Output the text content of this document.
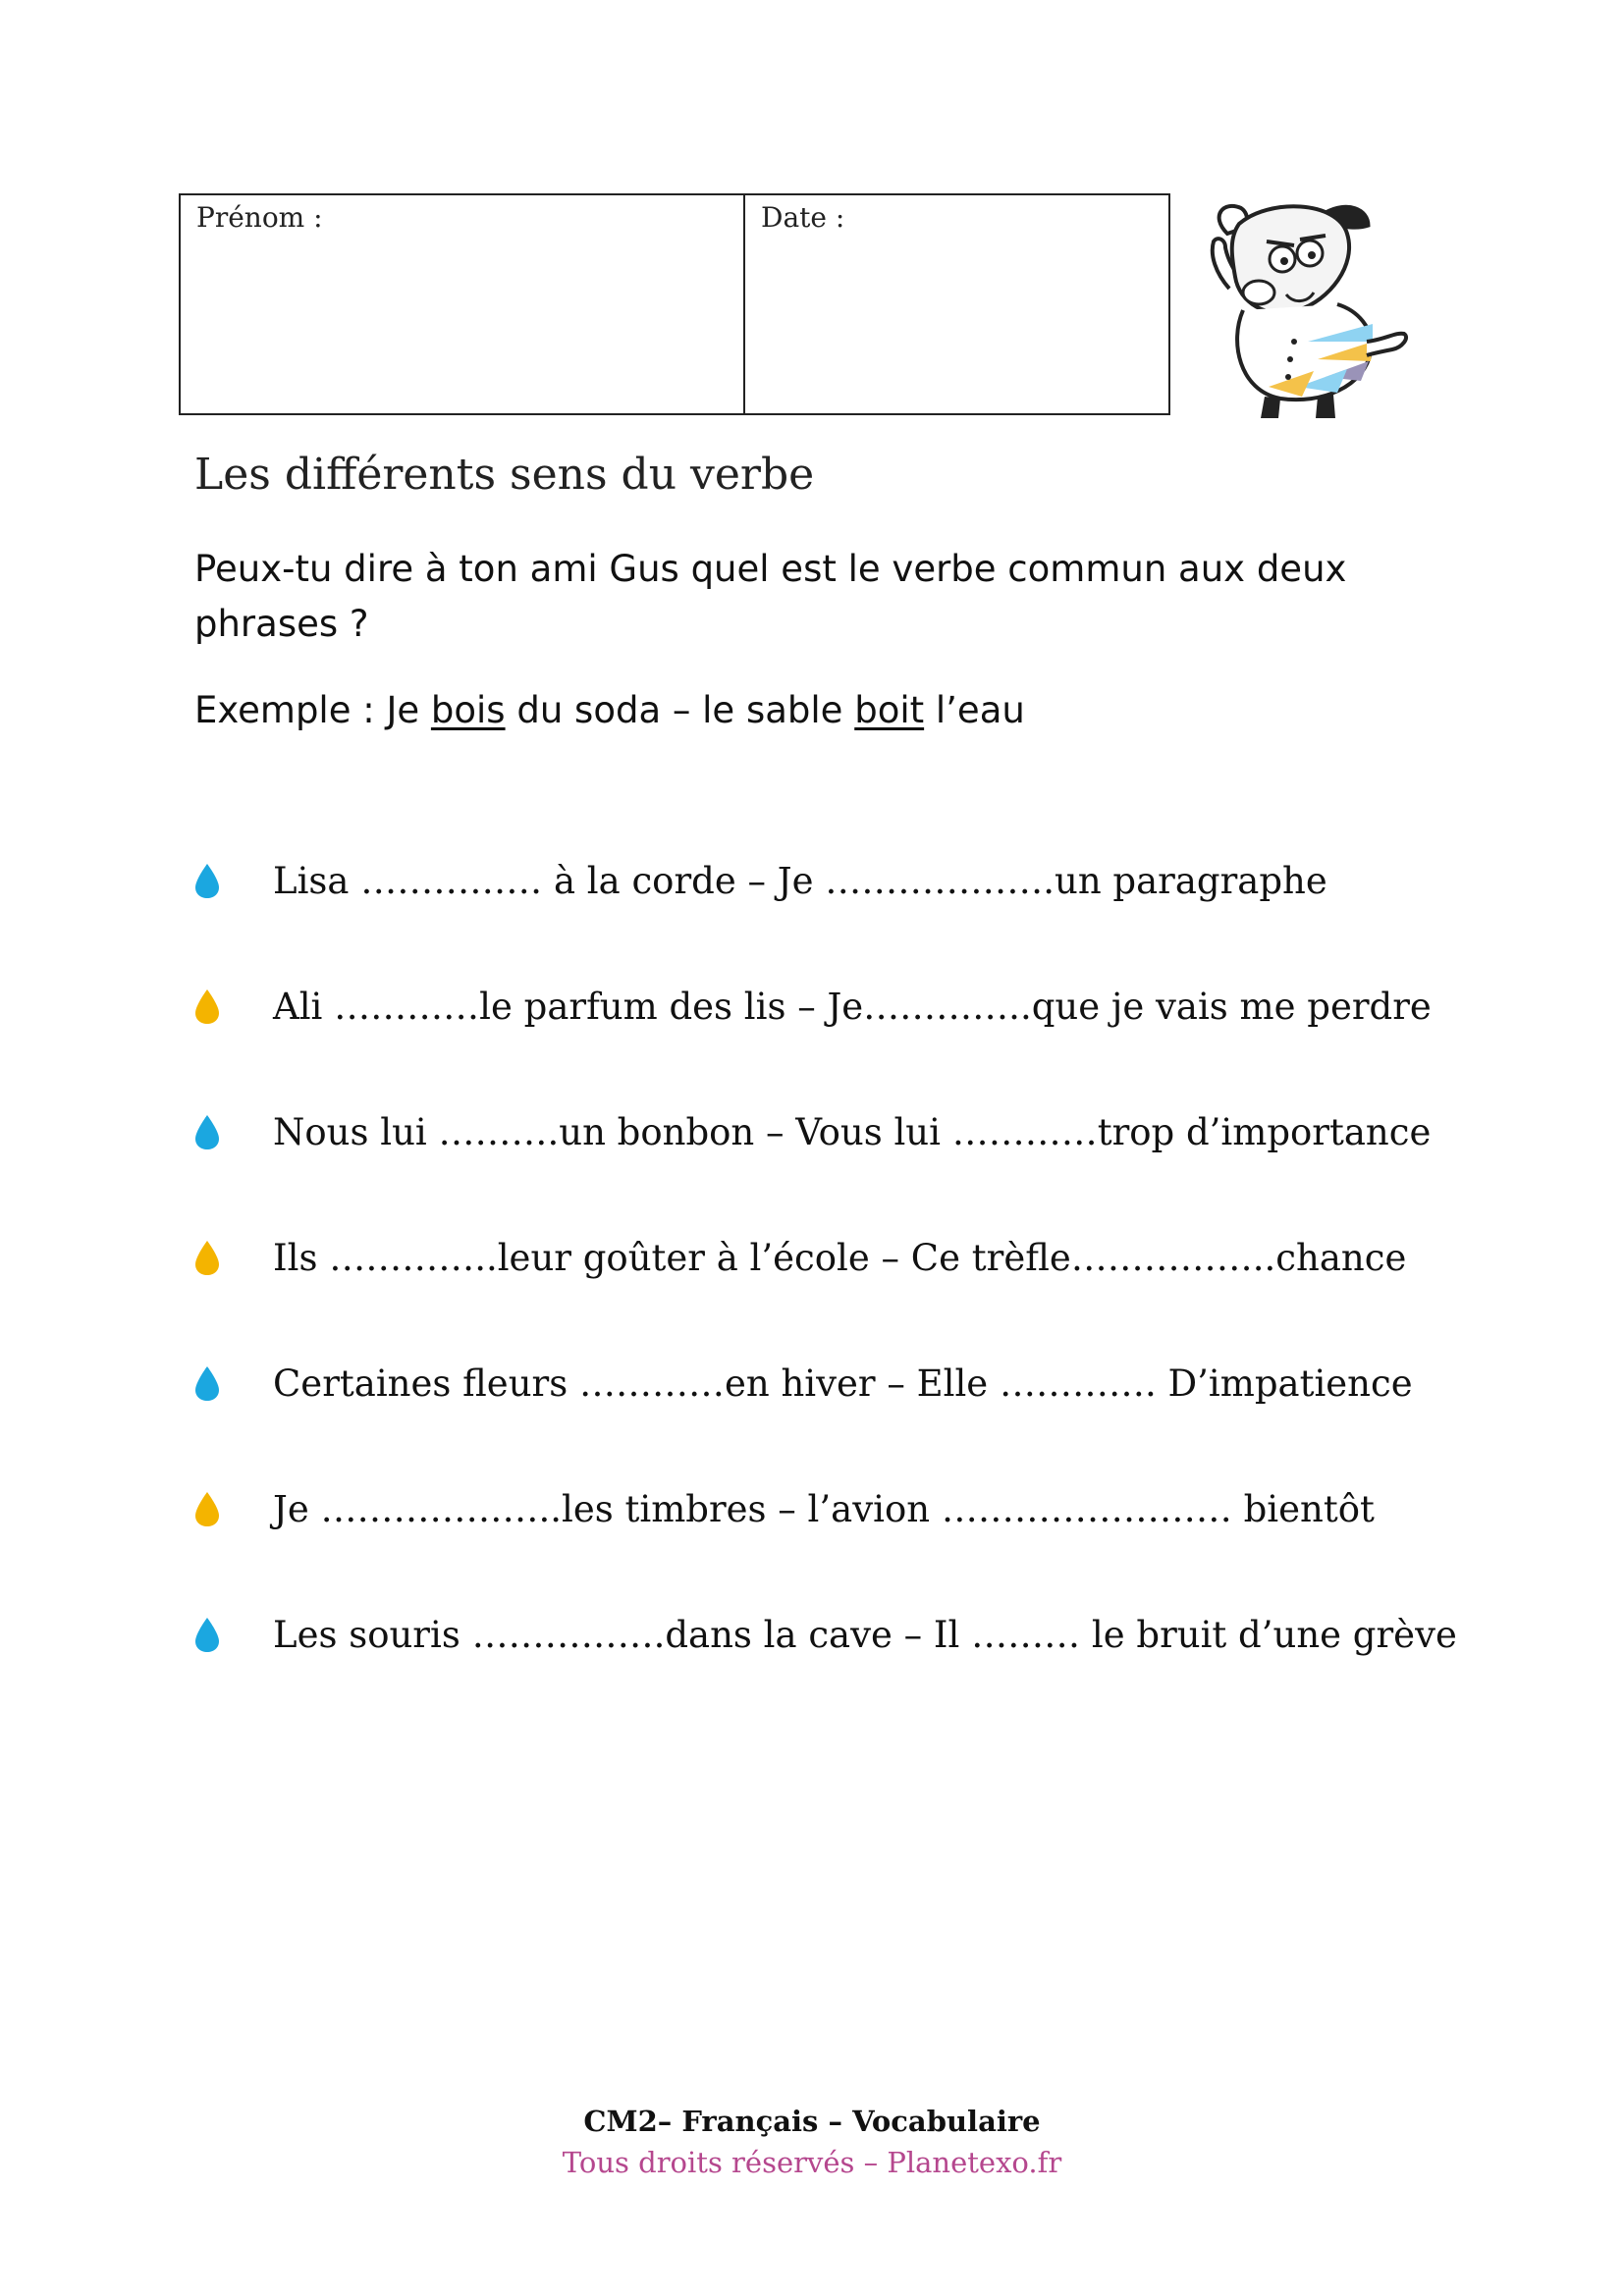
Prénom :	Date :
Les différents sens du verbe

Peux-tu dire à ton ami Gus quel est le verbe commun aux deux phrases ?

Exemple : Je bois du soda – le sable boit l’eau

Lisa …………… à la corde – Je ……………….un paragraphe
Ali …………le parfum des lis – Je…………..que je vais me perdre
Nous lui ……….un bonbon – Vous lui …………trop d’importance
Ils …………..leur goûter à l’école – Ce trèfle……………..chance
Certaines fleurs …………en hiver – Elle …………. D’impatience
Je ………………..les timbres – l’avion …………………… bientôt
Les souris …………….dans la cave – Il ……… le bruit d’une grève
CM2– Français – Vocabulaire
Tous droits réservés – Planetexo.fr
